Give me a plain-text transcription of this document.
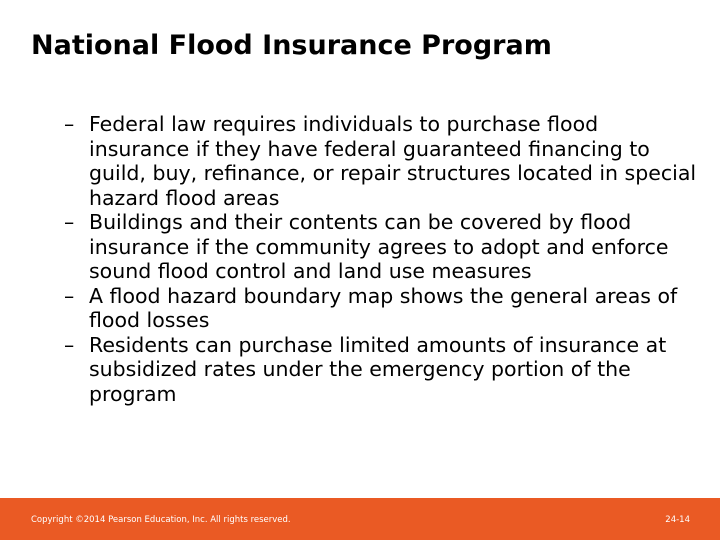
National Flood Insurance Program
– Federal law requires individuals to purchase flood insurance if they have federal guaranteed financing to guild, buy, refinance, or repair structures located in special hazard flood areas
– Buildings and their contents can be covered by flood insurance if the community agrees to adopt and enforce sound flood control and land use measures
– A flood hazard boundary map shows the general areas of flood losses
– Residents can purchase limited amounts of insurance at subsidized rates under the emergency portion of the program
Copyright ©2014 Pearson Education, Inc. All rights reserved.	24-14
